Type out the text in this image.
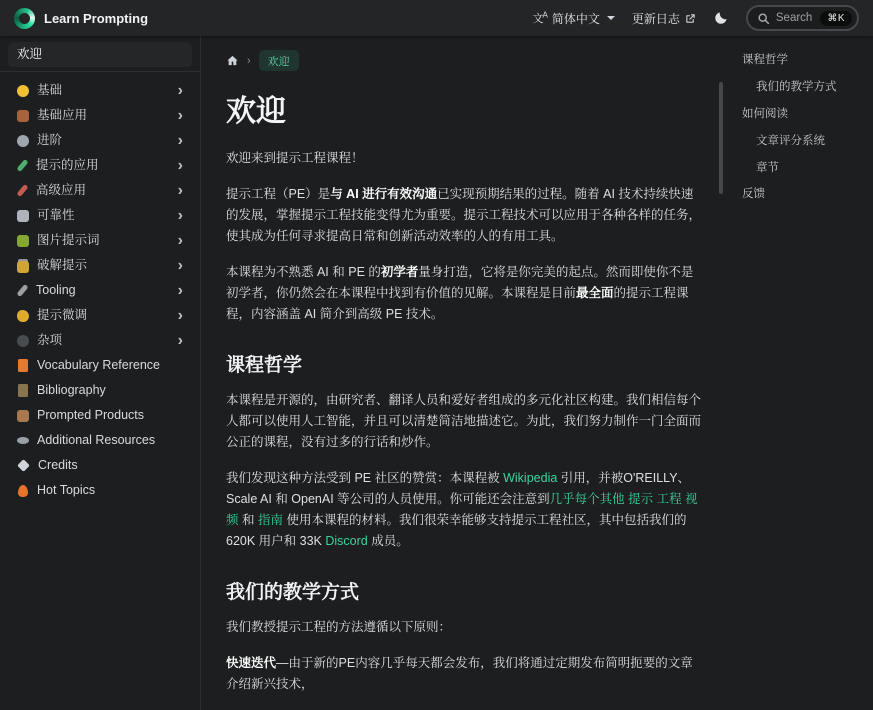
Learn Prompting	文$^A$ 简体中文	更新日志	Search	⌘K
欢迎
基础	›
基础应用	›
进阶	›
提示的应用	›
高级应用	›
可靠性	›
图片提示词	›
破解提示	›
Tooling	›
提示微调	›
杂项	›
Vocabulary Reference
Bibliography
Prompted Products
Additional Resources
Credits
Hot Topics
›	欢迎
欢迎

欢迎来到提示工程课程！

提示工程（PE）是与 AI 进行有效沟通已实现预期结果的过程。随着 AI 技术持续快速的发展，掌握提示工程技能变得尤为重要。提示工程技术可以应用于各种各样的任务，使其成为任何寻求提高日常和创新活动效率的人的有用工具。

本课程为不熟悉 AI 和 PE 的初学者量身打造，它将是你完美的起点。然而即使你不是初学者，你仍然会在本课程中找到有价值的见解。本课程是目前最全面的提示工程课程，内容涵盖 AI 简介到高级 PE 技术。

课程哲学

本课程是开源的，由研究者、翻译人员和爱好者组成的多元化社区构建。我们相信每个人都可以使用人工智能，并且可以清楚简洁地描述它。为此，我们努力制作一门全面而公正的课程，没有过多的行话和炒作。

我们发现这种方法受到 PE 社区的赞赏：本课程被 Wikipedia 引用，并被O'REILLY、Scale AI 和 OpenAI 等公司的人员使用。你可能还会注意到几乎每个其他 提示 工程 视频 和 指南 使用本课程的材料。我们很荣幸能够支持提示工程社区，其中包括我们的 620K 用户和 33K Discord 成员。

我们的教学方式

我们教授提示工程的方法遵循以下原则：

快速迭代—由于新的PE内容几乎每天都会发布，我们将通过定期发布简明扼要的文章介绍新兴技术，

课程哲学
我们的教学方式
如何阅读
文章评分系统
章节
反馈
